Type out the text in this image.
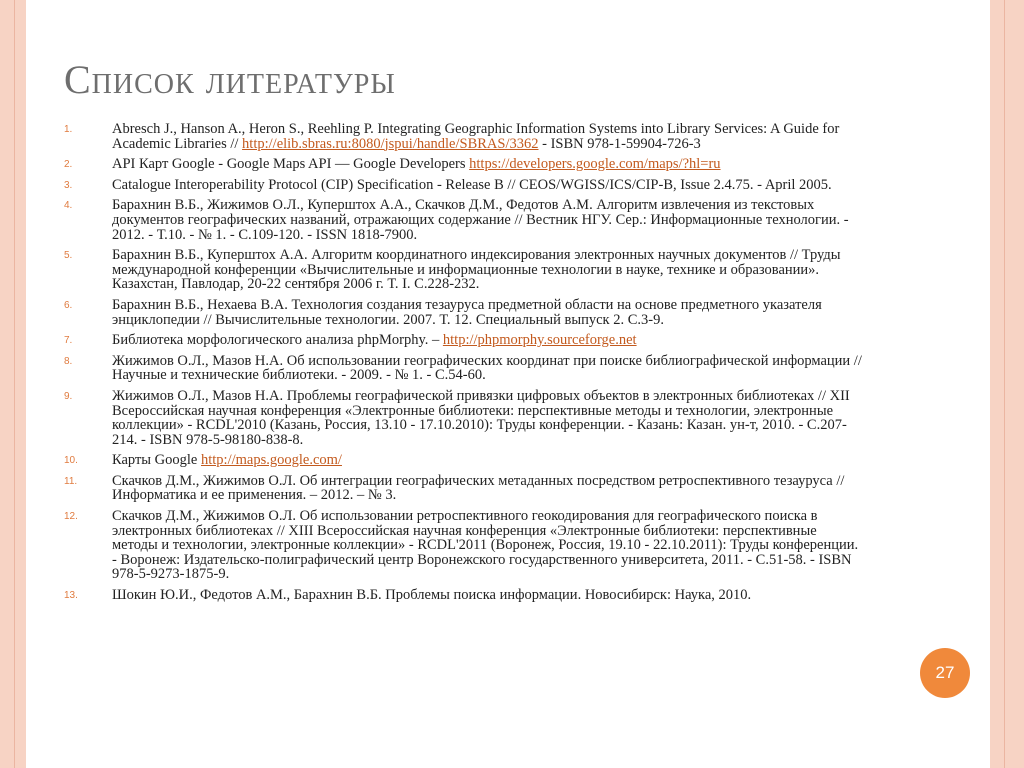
Список литературы
1.	Abresch J., Hanson A., Heron S., Reehling P. Integrating Geographic Information Systems into Library Services: A Guide for Academic Libraries // http://elib.sbras.ru:8080/jspui/handle/SBRAS/3362 - ISBN 978-1-59904-726-3
2.	API Карт Google - Google Maps API — Google Developers https://developers.google.com/maps/?hl=ru
3.	Catalogue Interoperability Protocol (CIP) Specification - Release B // CEOS/WGISS/ICS/CIP-B, Issue 2.4.75. - April 2005.
4.	Барахнин В.Б., Жижимов О.Л., Куперштох А.А., Скачков Д.М., Федотов А.М. Алгоритм извлечения из текстовых документов географических названий, отражающих содержание // Вестник НГУ. Сер.: Информационные технологии. - 2012. - Т.10. - № 1. - С.109-120. - ISSN 1818-7900.
5.	Барахнин В.Б., Куперштох А.А. Алгоритм координатного индексирования электронных научных документов // Труды международной конференции «Вычислительные и информационные технологии в науке, технике и образовании». Казахстан, Павлодар, 20-22 сентября 2006 г. Т. I. С.228-232.
6.	Барахнин В.Б., Нехаева В.А. Технология создания тезауруса предметной области на основе предметного указателя энциклопедии // Вычислительные технологии. 2007. Т. 12. Специальный выпуск 2. С.3-9.
7.	Библиотека морфологического анализа phpMorphy. – http://phpmorphy.sourceforge.net
8.	Жижимов О.Л., Мазов Н.А. Об использовании географических координат при поиске библиографической информации // Научные и технические библиотеки. - 2009. - № 1. - С.54-60.
9.	Жижимов О.Л., Мазов Н.А. Проблемы географической привязки цифровых объектов в электронных библиотеках // XII Всероссийская научная конференция «Электронные библиотеки: перспективные методы и технологии, электронные коллекции» - RCDL'2010 (Казань, Россия, 13.10 - 17.10.2010): Труды конференции. - Казань: Казан. ун-т, 2010. - С.207-214. - ISBN 978-5-98180-838-8.
10.	Карты Google http://maps.google.com/
11.	Скачков Д.М., Жижимов О.Л. Об интеграции географических метаданных посредством ретроспективного тезауруса // Информатика и ее применения. – 2012. – № 3.
12.	Скачков Д.М., Жижимов О.Л. Об использовании ретроспективного геокодирования для географического поиска в электронных библиотеках // XIII Всероссийская научная конференция «Электронные библиотеки: перспективные методы и технологии, электронные коллекции» - RCDL'2011 (Воронеж, Россия, 19.10 - 22.10.2011): Труды конференции. - Воронеж: Издательско-полиграфический центр Воронежского государственного университета, 2011. - С.51-58. - ISBN 978-5-9273-1875-9.
13.	Шокин Ю.И., Федотов А.М., Барахнин В.Б. Проблемы поиска информации. Новосибирск: Наука, 2010.
27
